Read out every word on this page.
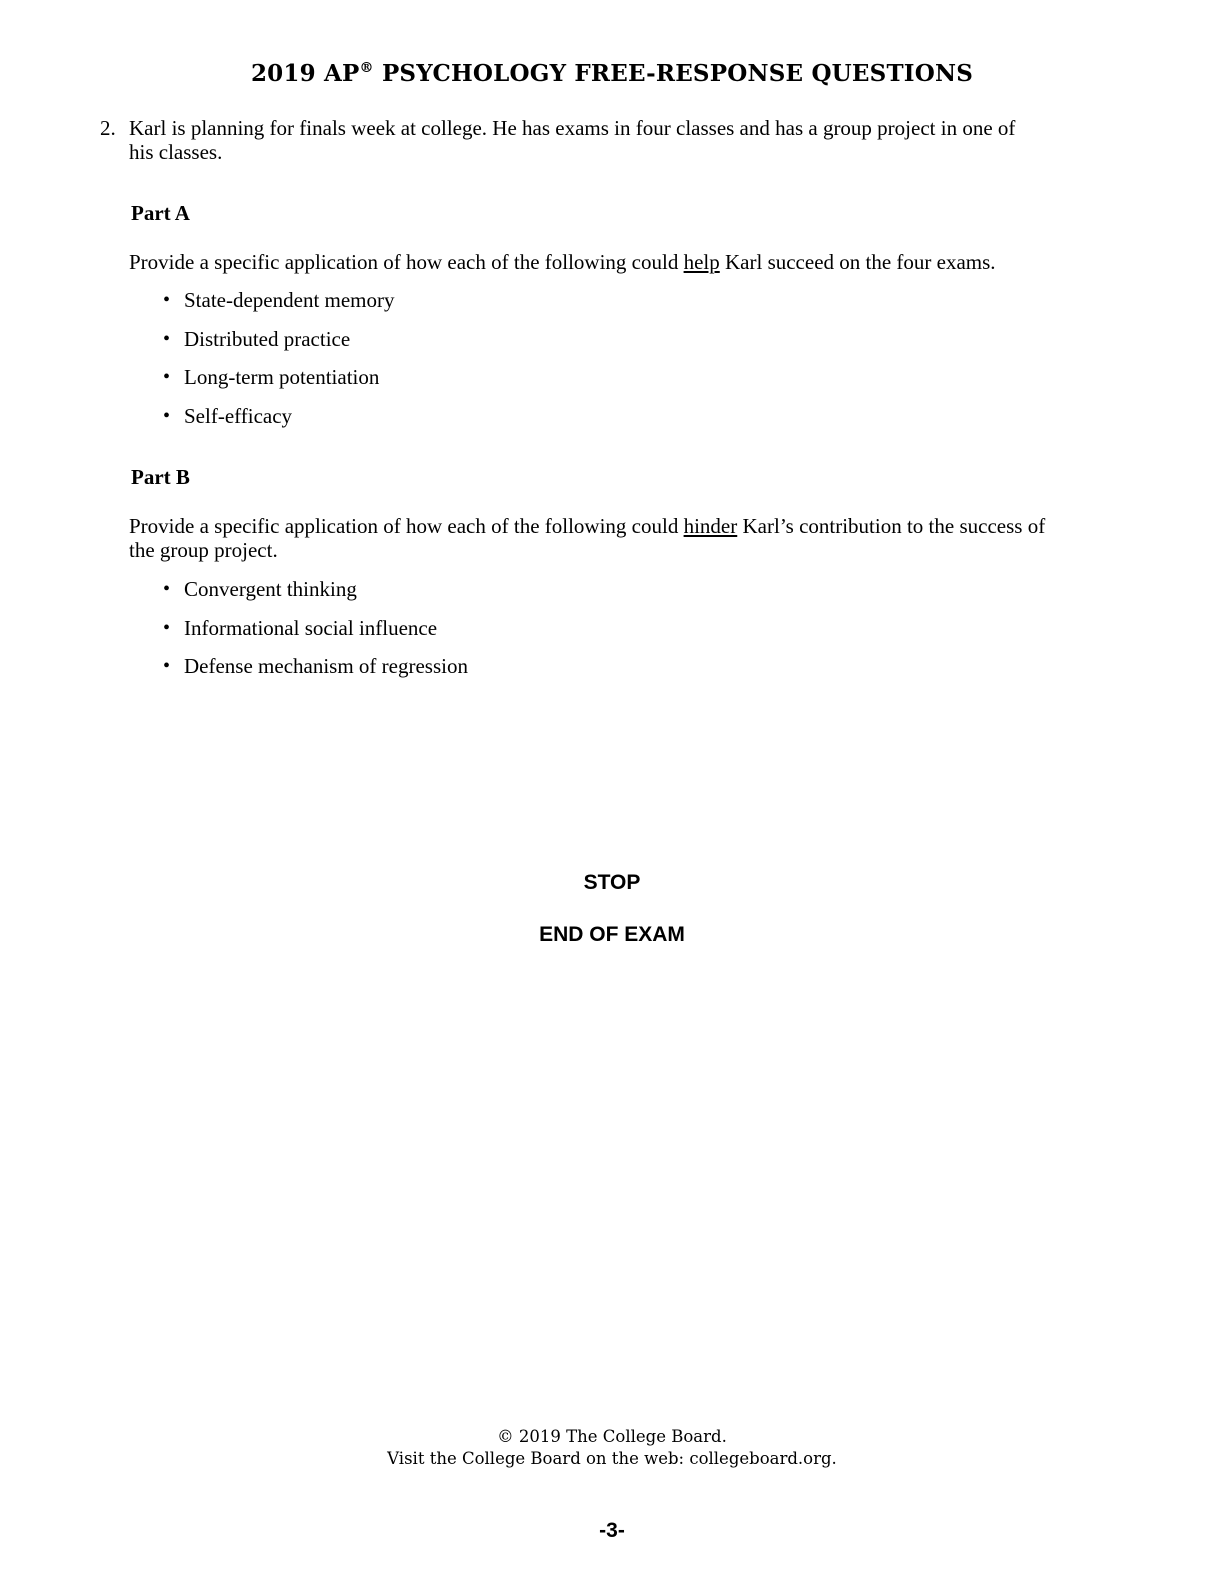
2019 AP® PSYCHOLOGY FREE-RESPONSE QUESTIONS
2. Karl is planning for finals week at college. He has exams in four classes and has a group project in one of his classes.
Part A
Provide a specific application of how each of the following could help Karl succeed on the four exams.
• State-dependent memory
• Distributed practice
• Long-term potentiation
• Self-efficacy
Part B
Provide a specific application of how each of the following could hinder Karl’s contribution to the success of the group project.
• Convergent thinking
• Informational social influence
• Defense mechanism of regression
STOP
END OF EXAM
© 2019 The College Board.
Visit the College Board on the web: collegeboard.org.
-3-
